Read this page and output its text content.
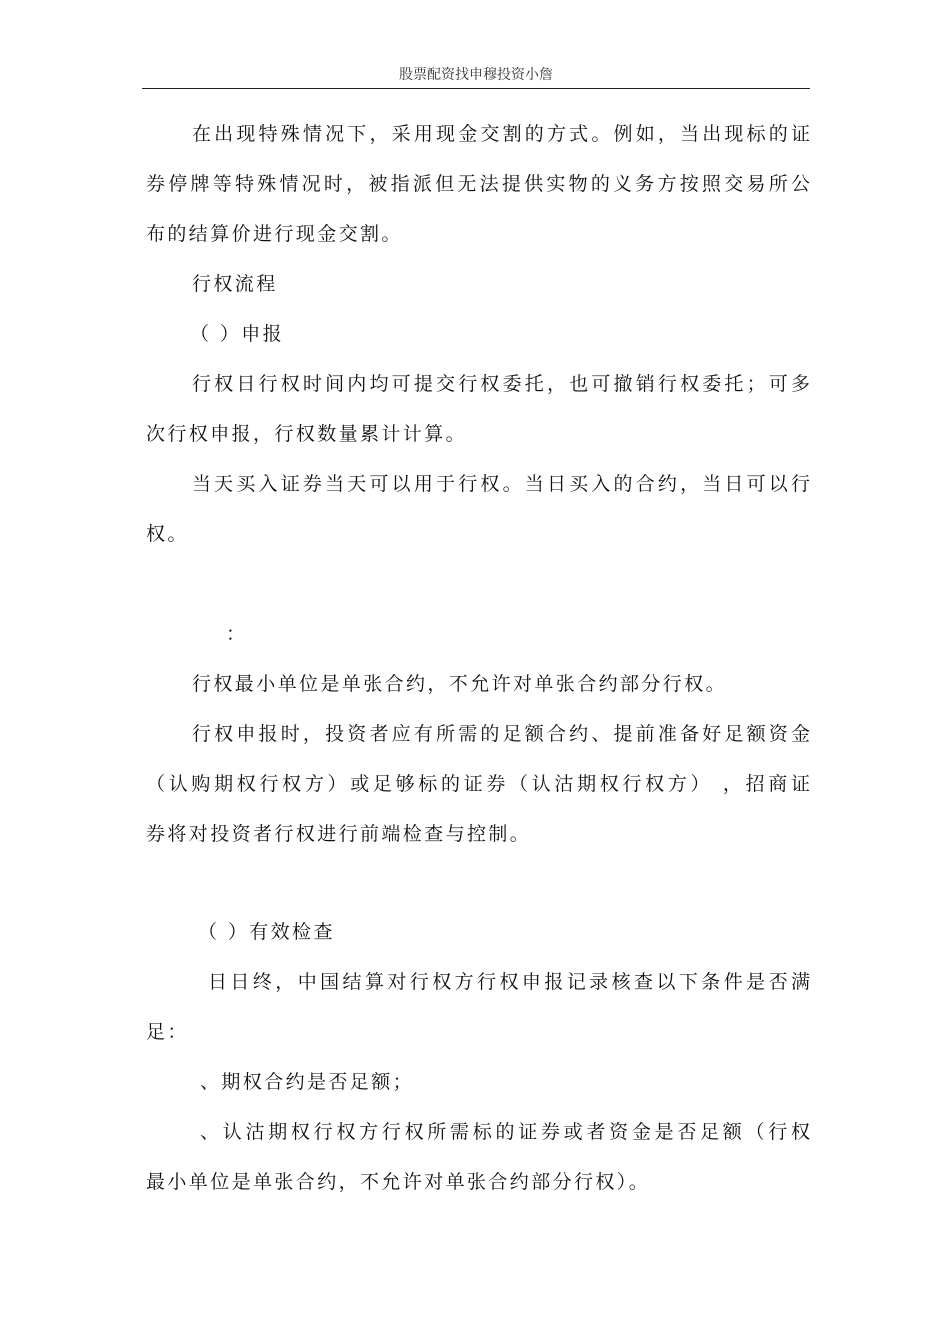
股票配资找申穆投资小詹
在出现特殊情况下，采用现金交割的方式。例如，当出现标的证
券停牌等特殊情况时，被指派但无法提供实物的义务方按照交易所公
布的结算价进行现金交割。
行权流程
（ ）申报
行权日行权时间内均可提交行权委托，也可撤销行权委托；可多
次行权申报，行权数量累计计算。
当天买入证券当天可以用于行权。当日买入的合约，当日可以行
权。
：
行权最小单位是单张合约，不允许对单张合约部分行权。
行权申报时，投资者应有所需的足额合约、提前准备好足额资金
（认购期权行权方）或足够标的证券（认沽期权行权方） ，招商证
券将对投资者行权进行前端检查与控制。
（ ）有效检查
日日终，中国结算对行权方行权申报记录核查以下条件是否满
足：
、期权合约是否足额；
、认沽期权行权方行权所需标的证券或者资金是否足额（行权
最小单位是单张合约，不允许对单张合约部分行权）。
